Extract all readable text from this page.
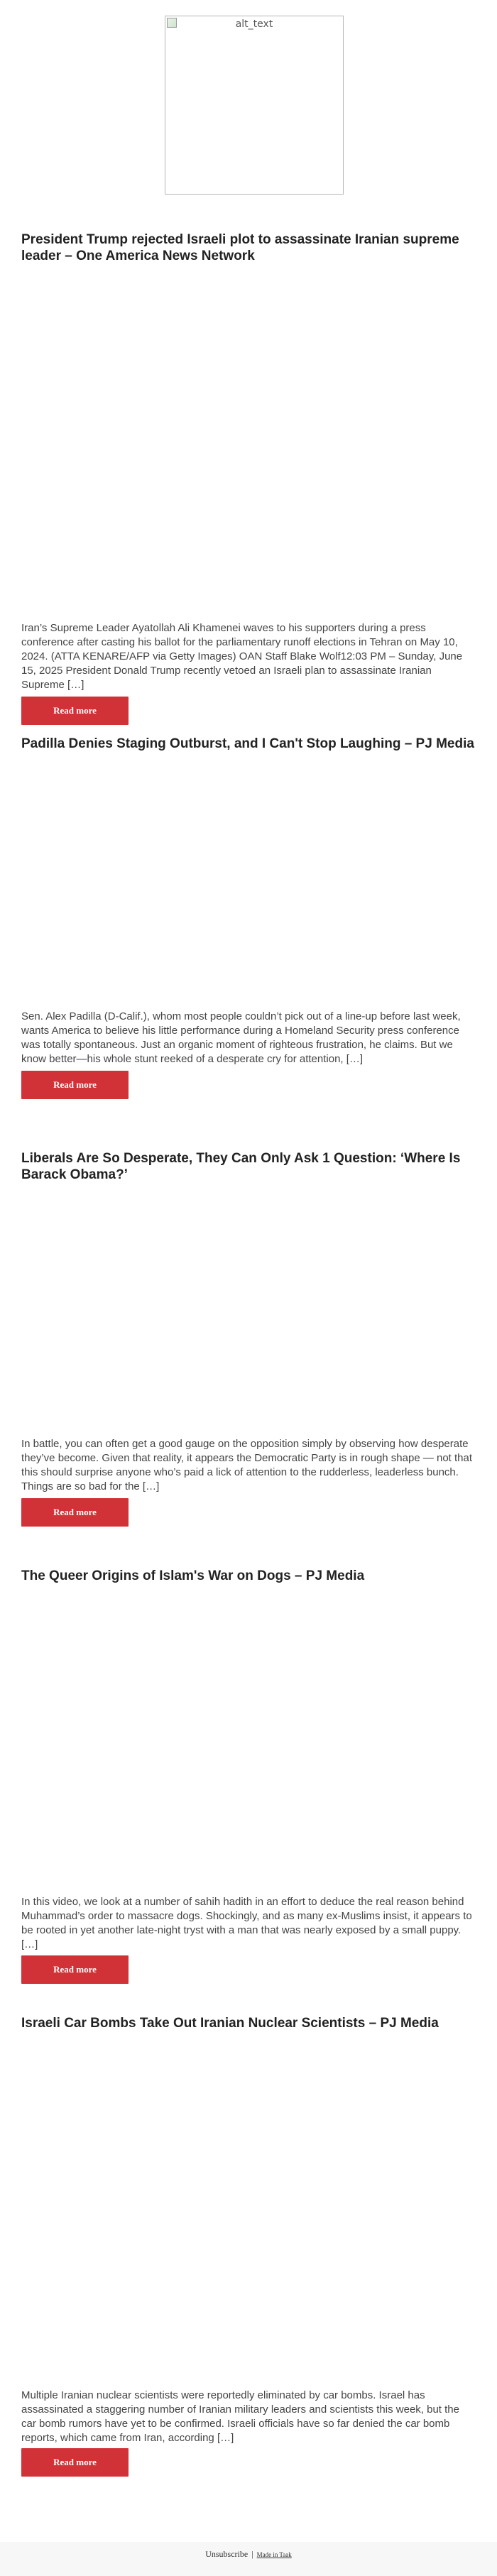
alt_text
President Trump rejected Israeli plot to assassinate Iranian supreme leader – One America News Network

Iran’s Supreme Leader Ayatollah Ali Khamenei waves to his supporters during a press conference after casting his ballot for the parliamentary runoff elections in Tehran on May 10, 2024. (ATTA KENARE/AFP via Getty Images) OAN Staff Blake Wolf12:03 PM – Sunday, June 15, 2025 President Donald Trump recently vetoed an Israeli plan to assassinate Iranian Supreme […]

Read more
Padilla Denies Staging Outburst, and I Can't Stop Laughing – PJ Media

Sen. Alex Padilla (D-Calif.), whom most people couldn’t pick out of a line-up before last week, wants America to believe his little performance during a Homeland Security press conference was totally spontaneous. Just an organic moment of righteous frustration, he claims. But we know better—his whole stunt reeked of a desperate cry for attention, […]

Read more
Liberals Are So Desperate, They Can Only Ask 1 Question: ‘Where Is Barack Obama?’

In battle, you can often get a good gauge on the opposition simply by observing how desperate they’ve become. Given that reality, it appears the Democratic Party is in rough shape — not that this should surprise anyone who’s paid a lick of attention to the rudderless, leaderless bunch. Things are so bad for the […]

Read more
The Queer Origins of Islam's War on Dogs – PJ Media

In this video, we look at a number of sahih hadith in an effort to deduce the real reason behind Muhammad’s order to massacre dogs. Shockingly, and as many ex-Muslims insist, it appears to be rooted in yet another late-night tryst with a man that was nearly exposed by a small puppy. […]

Read more
Israeli Car Bombs Take Out Iranian Nuclear Scientists – PJ Media

Multiple Iranian nuclear scientists were reportedly eliminated by car bombs. Israel has assassinated a staggering number of Iranian military leaders and scientists this week, but the car bomb rumors have yet to be confirmed. Israeli officials have so far denied the car bomb reports, which came from Iran, according […]

Read more
Unsubscribe | Made in Taak
